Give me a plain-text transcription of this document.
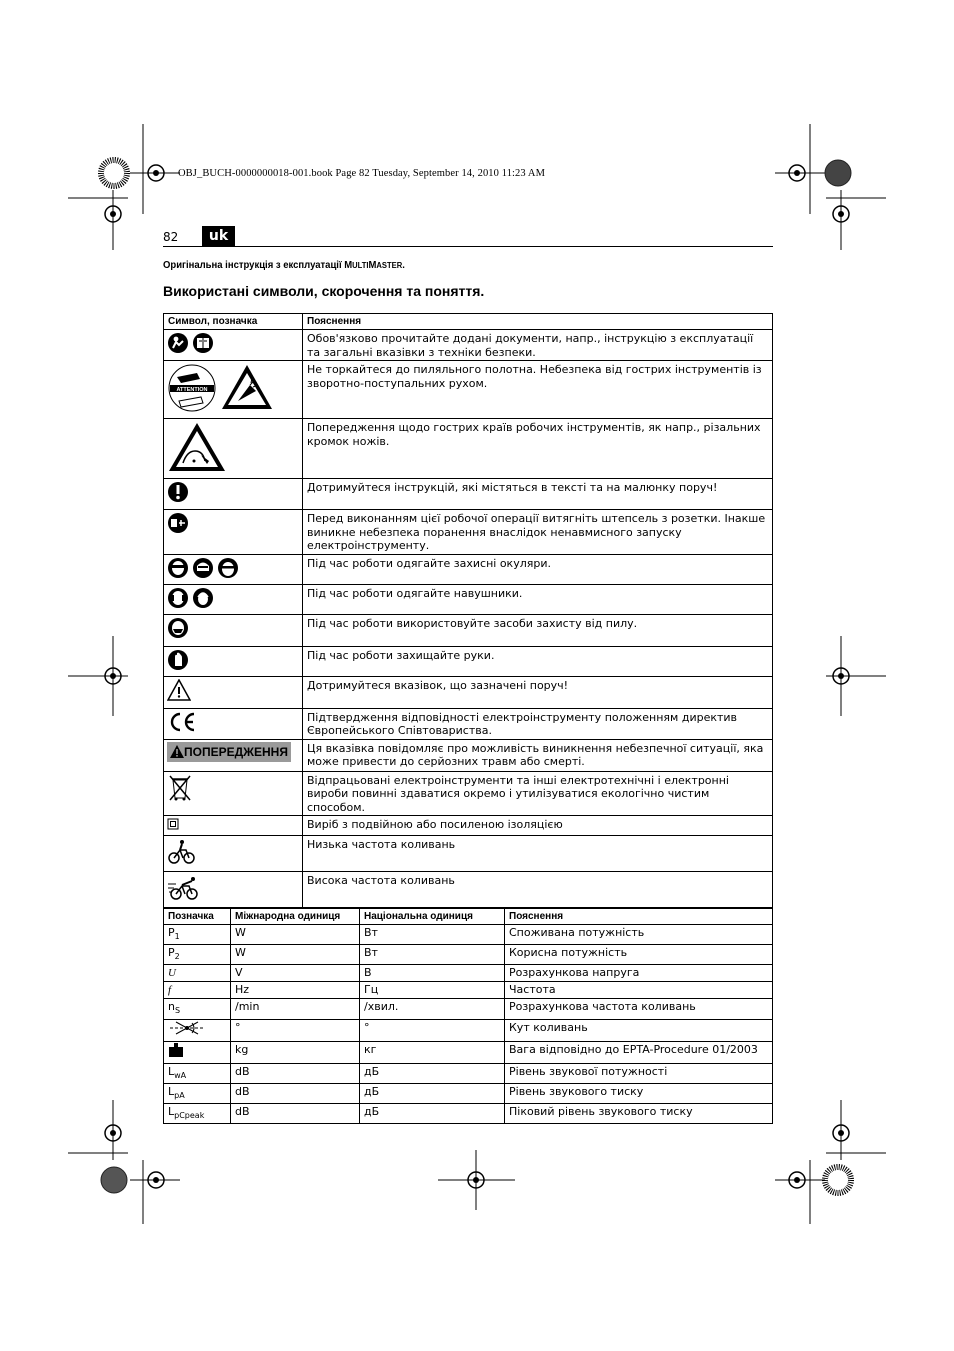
OBJ_BUCH-0000000018-001.book Page 82 Tuesday, September 14, 2010 11:23 AM
82	uk
Оригінальна інструкція з експлуатації MULTIMASTER.
Використані символи, скорочення та поняття.
Символ, позначка	Пояснення
	Обов'язково прочитайте додані документи, напр., інструкцію з експлуатації та загальні вказівки з техніки безпеки.

ATTENTION	Не торкайтеся до пиляльного полотна. Небезпека від гострих інструментів із зворотно-поступальних рухом.
	Попередження щодо гострих країв робочих інструментів, як напр., різальних кромок ножів.
	Дотримуйтеся інструкцій, які містяться в тексті та на малюнку поруч!
	Перед виконанням цієї робочої операції витягніть штепсель з розетки. Інакше виникне небезпека поранення внаслідок ненавмисного запуску електроінструменту.
	Під час роботи одягайте захисні окуляри.
	Під час роботи одягайте навушники.
	Під час роботи використовуйте засоби захисту від пилу.
	Під час роботи захищайте руки.
	Дотримуйтеся вказівок, що зазначені поруч!
	Підтвердження відповідності електроінструменту положенням директив Європейського Співтовариства.

ПОПЕРЕДЖЕННЯ	Ця вказівка повідомляє про можливість виникнення небезпечної ситуації, яка може привести до серйозних травм або смерті.
	Відпрацьовані електроінструменти та інші електротехнічні і електронні вироби повинні здаватися окремо і утилізуватися екологічно чистим способом.
	Виріб з подвійною або посиленою ізоляцією
	Низька частота коливань
	Висока частота коливань
Позначка	Міжнародна одиниця	Національна одиниця	Пояснення
$P_1$	W	Вт	Споживана потужність
$P_2$	W	Вт	Корисна потужність
U	V	В	Розрахункова напруга
f	Hz	Гц	Частота
$n_S$	/min	/хвил.	Розрахункова частота коливань
	°	°	Кут коливань
	kg	кг	Вага відповідно до EPTA-Procedure 01/2003
$L_{wA}$	dB	дБ	Рівень звукової потужності
$L_{pA}$	dB	дБ	Рівень звукового тиску
$L_{pCpeak}$	dB	дБ	Піковий рівень звукового тиску
